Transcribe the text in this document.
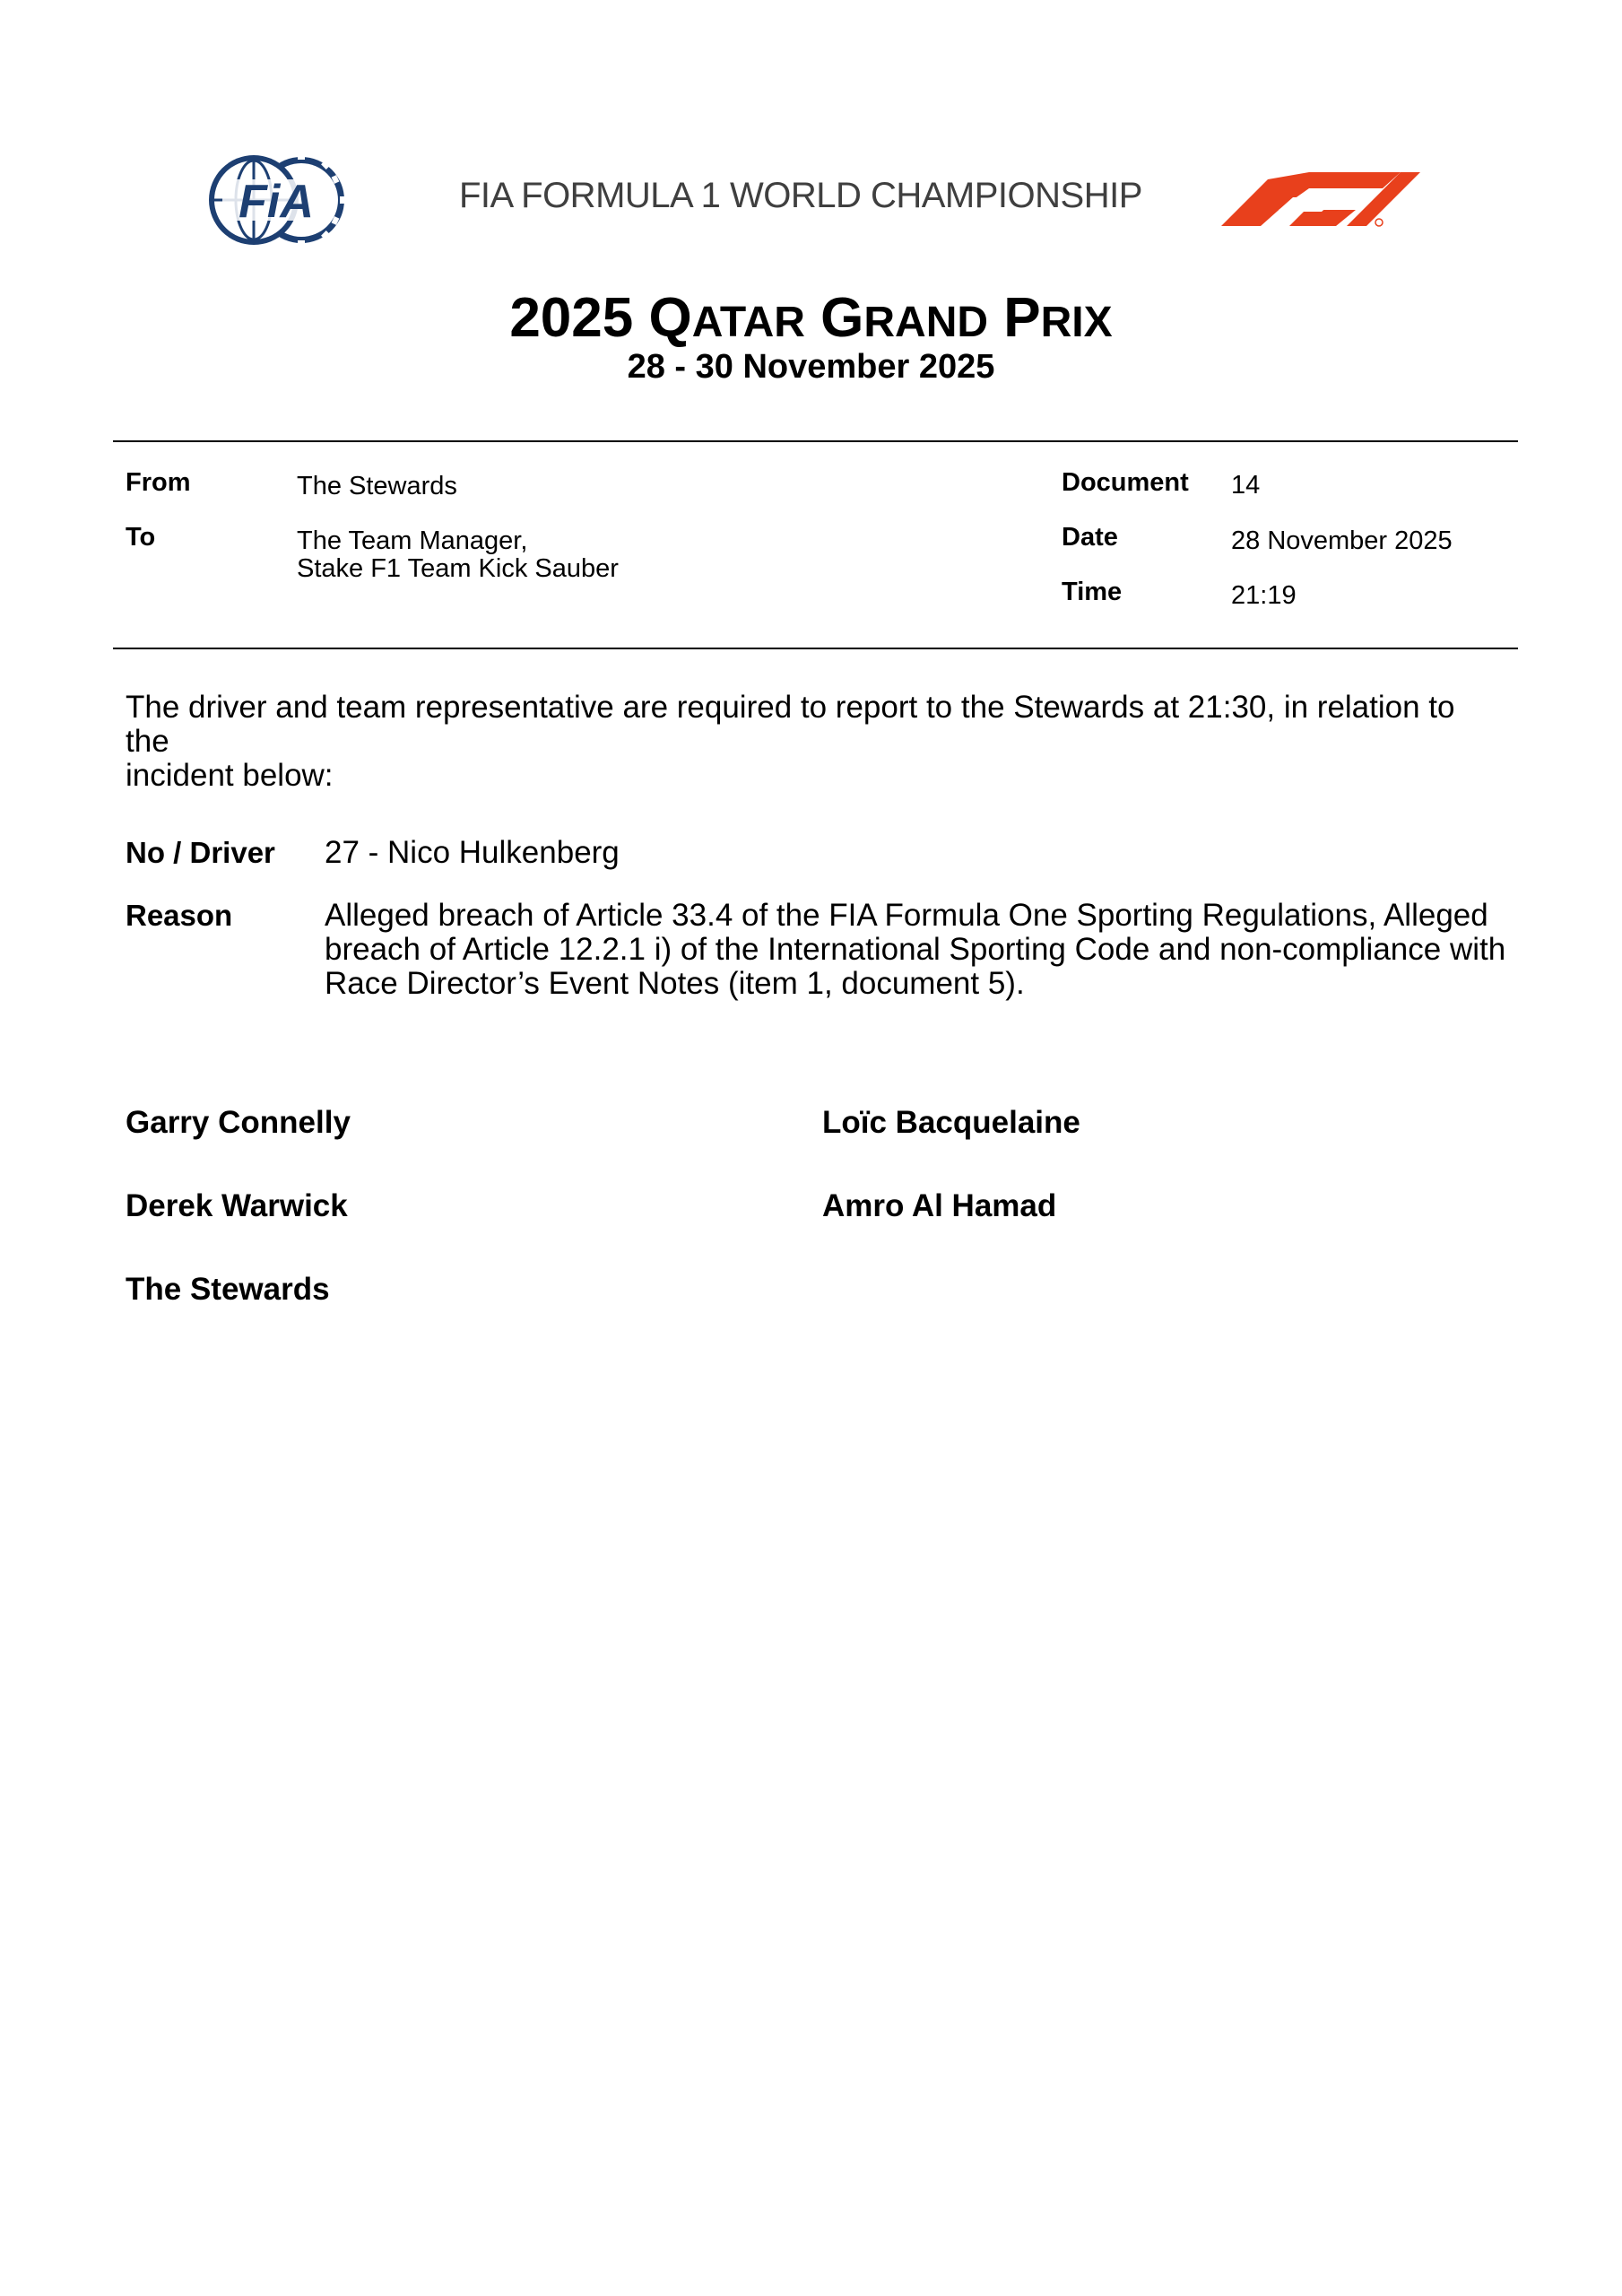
FiA	FIA FORMULA 1 WORLD CHAMPIONSHIP
2025 QATAR GRAND PRIX
28 - 30 November 2025
From	The Stewards
To	The Team Manager,
Stake F1 Team Kick Sauber
Document 14
Date	28 November 2025
Time	21:19
The driver and team representative are required to report to the Stewards at 21:30, in relation to the
incident below:
No / Driver 27 - Nico Hulkenberg
Reason	Alleged breach of Article 33.4 of the FIA Formula One Sporting Regulations, Alleged
breach of Article 12.2.1 i) of the International Sporting Code and non-compliance with
Race Director’s Event Notes (item 1, document 5).
Garry Connelly	Loïc Bacquelaine
Derek Warwick	Amro Al Hamad
The Stewards
